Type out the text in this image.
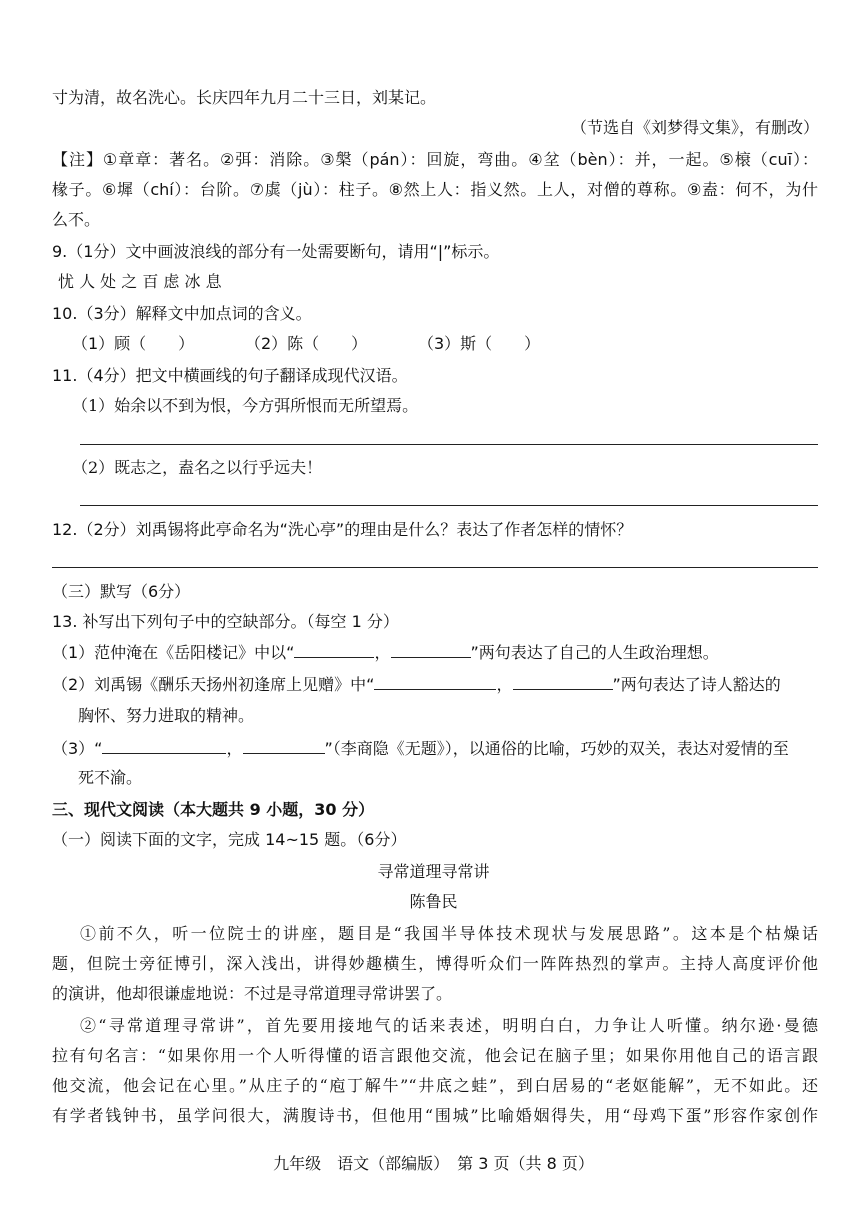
寸为清，故名洗心。长庆四年九月二十三日，刘某记。
（节选自《刘梦得文集》，有删改）
【注】①章章：著名。②弭：消除。③槃（pán）：回旋，弯曲。④坌（bèn）：并，一起。⑤榱（cuī）：
椽子。⑥墀（chí）：台阶。⑦虡（jù）：柱子。⑧然上人：指义然。上人，对僧的尊称。⑨盍：何不，为什
么不。
9.（1分）文中画波浪线的部分有一处需要断句，请用“|”标示。
忧 人 处 之 百 虑 冰 息
10.（3分）解释文中加点词的含义。
（1）顾（　　）	（2）陈（　　）	（3）斯（　　）
11.（4分）把文中横画线的句子翻译成现代汉语。
（1）始余以不到为恨，今方弭所恨而无所望焉。
（2）既志之，盍名之以行乎远夫！
12.（2分）刘禹锡将此亭命名为“洗心亭”的理由是什么？表达了作者怎样的情怀？
（三）默写（6分）
13. 补写出下列句子中的空缺部分。（每空 1 分）
（1）范仲淹在《岳阳楼记》中以“	，	”两句表达了自己的人生政治理想。
（2）刘禹锡《酬乐天扬州初逢席上见赠》中“	，	”两句表达了诗人豁达的
胸怀、努力进取的精神。
（3）“	，	”（李商隐《无题》），以通俗的比喻，巧妙的双关，表达对爱情的至
死不渝。
三、现代文阅读（本大题共 9 小题，30 分）
（一）阅读下面的文字，完成 14~15 题。（6分）
寻常道理寻常讲
陈鲁民
①前不久，听一位院士的讲座，题目是“我国半导体技术现状与发展思路”。这本是个枯燥话
题，但院士旁征博引，深入浅出，讲得妙趣横生，博得听众们一阵阵热烈的掌声。主持人高度评价他
的演讲，他却很谦虚地说：不过是寻常道理寻常讲罢了。
②“寻常道理寻常讲”，首先要用接地气的话来表述，明明白白，力争让人听懂。纳尔逊·曼德
拉有句名言：“如果你用一个人听得懂的语言跟他交流，他会记在脑子里；如果你用他自己的语言跟
他交流，他会记在心里。”从庄子的“庖丁解牛”“井底之蛙”，到白居易的“老妪能解”，无不如此。还
有学者钱钟书，虽学问很大，满腹诗书，但他用“围城”比喻婚姻得失，用“母鸡下蛋”形容作家创作
九年级　语文（部编版）　第 3 页（共 8 页）
